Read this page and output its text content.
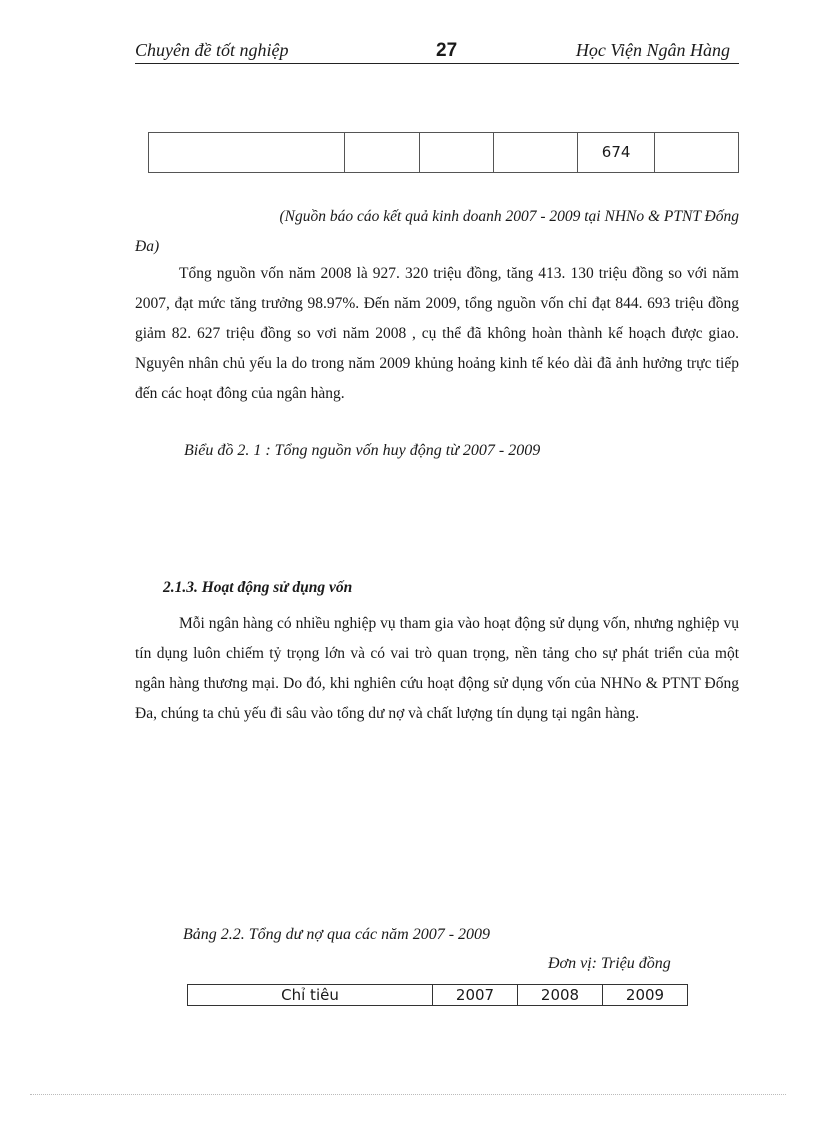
Chuyên đề tốt nghiệp	27	Học Viện Ngân Hàng
				674	
(Nguồn báo cáo kết quả kinh doanh 2007 - 2009 tại NHNo & PTNT Đống
Đa)
Tổng nguồn vốn năm 2008 là 927. 320 triệu đồng, tăng 413. 130 triệu đồng so với năm 2007, đạt mức tăng trưởng 98.97%. Đến năm 2009, tổng nguồn vốn chỉ đạt 844. 693 triệu đồng giảm 82. 627 triệu đồng so vơi năm 2008 , cụ thể đã không hoàn thành kế hoạch được giao. Nguyên nhân chủ yếu la do trong năm 2009 khủng hoảng kinh tế kéo dài đã ảnh hưởng trực tiếp đến các hoạt đông của ngân hàng.
Biểu đồ 2. 1 : Tổng nguồn vốn huy động từ 2007 - 2009
2.1.3. Hoạt động sử dụng vốn
Mỗi ngân hàng có nhiều nghiệp vụ tham gia vào hoạt động sử dụng vốn, nhưng nghiệp vụ tín dụng luôn chiếm tỷ trọng lớn và có vai trò quan trọng, nền tảng cho sự phát triển của một ngân hàng thương mại. Do đó, khi nghiên cứu hoạt động sử dụng vốn của NHNo & PTNT Đống Đa, chúng ta chủ yếu đi sâu vào tổng dư nợ và chất lượng tín dụng tại ngân hàng.
Bảng 2.2. Tổng dư nợ qua các năm 2007 - 2009
Đơn vị: Triệu đồng
Chỉ tiêu	2007	2008	2009
